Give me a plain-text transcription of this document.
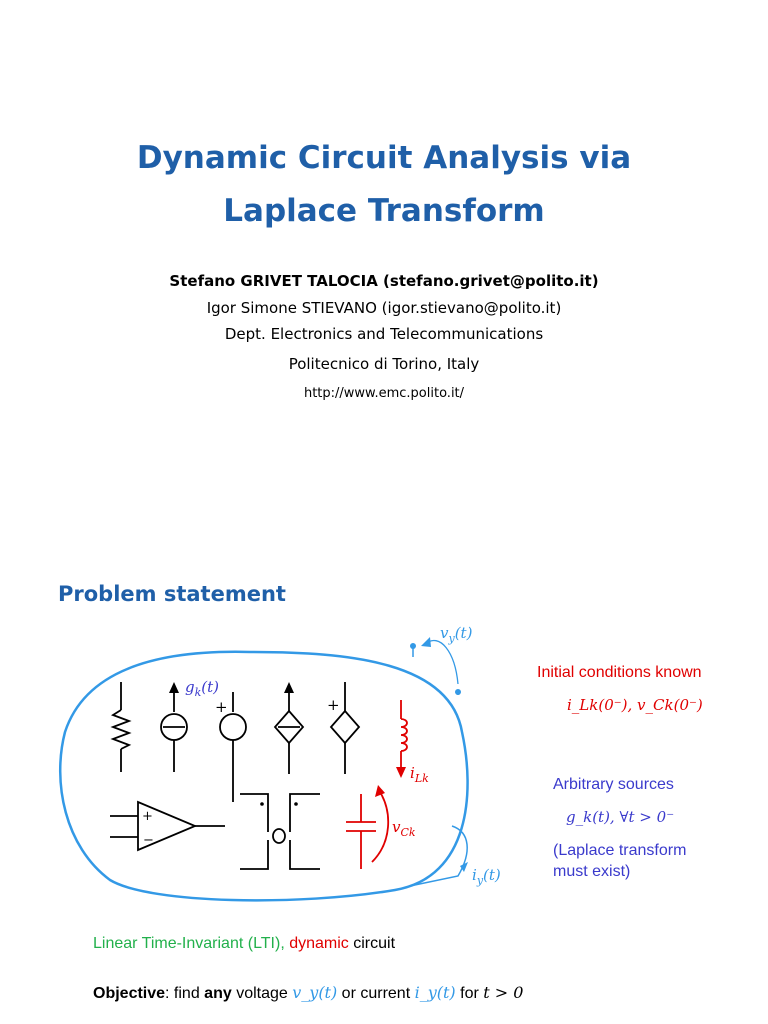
Dynamic Circuit Analysis via
Laplace Transform
Stefano GRIVET TALOCIA (stefano.grivet@polito.it)
Igor Simone STIEVANO (igor.stievano@polito.it)
Dept. Electronics and Telecommunications
Politecnico di Torino, Italy
http://www.emc.polito.it/
Problem statement
$v_y(t)$
$i_y(t)$
$g_k(t)$
+	+
$i_{Lk}$
+
−
$v_{Ck}$
Initial conditions known
i_Lk(0⁻), v_Ck(0⁻)
Arbitrary sources
g_k(t), ∀t > 0⁻
(Laplace transform
must exist)
Linear Time-Invariant (LTI), dynamic circuit
Objective: find any voltage v_y(t) or current i_y(t) for t > 0
